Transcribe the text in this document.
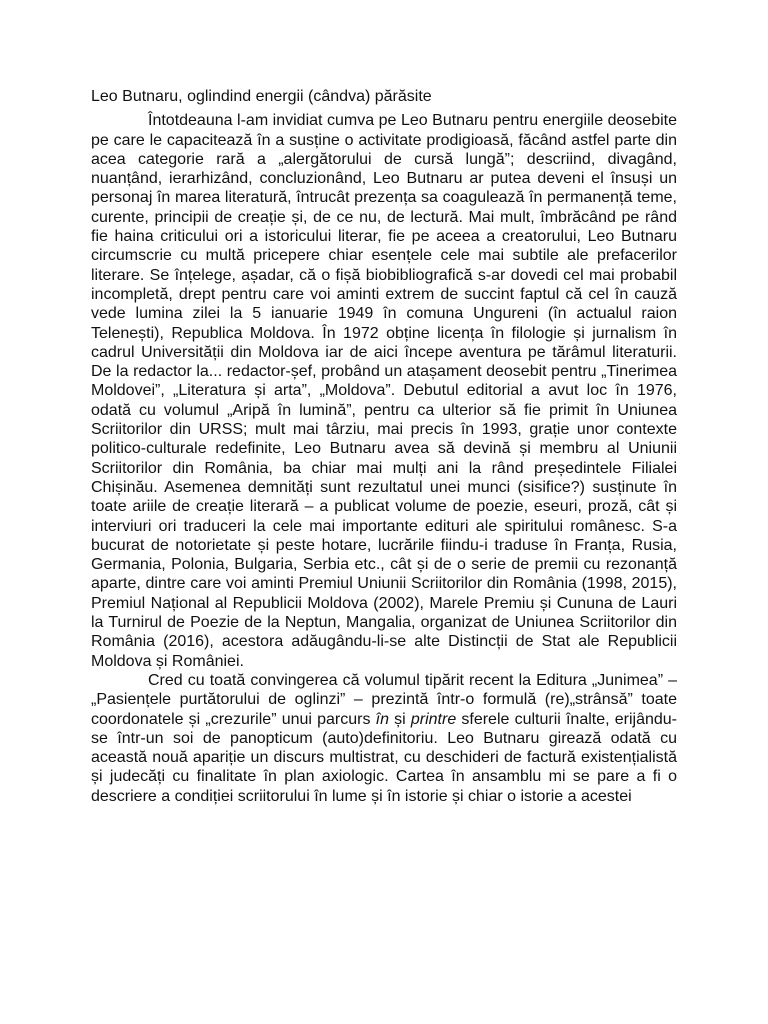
Leo Butnaru, oglindind energii (cândva) părăsite

Întotdeauna l-am invidiat cumva pe Leo Butnaru pentru energiile deosebite pe care le capacitează în a susține o activitate prodigioasă, făcând astfel parte din acea categorie rară a „alergătorului de cursă lungă”; descriind, divagând, nuanțând, ierarhizând, concluzionând, Leo Butnaru ar putea deveni el însuși un personaj în marea literatură, întrucât prezența sa coagulează în permanență teme, curente, principii de creație și, de ce nu, de lectură. Mai mult, îmbrăcând pe rând fie haina criticului ori a istoricului literar, fie pe aceea a creatorului, Leo Butnaru circumscrie cu multă pricepere chiar esențele cele mai subtile ale prefacerilor literare. Se înțelege, așadar, că o fișă biobibliografică s-ar dovedi cel mai probabil incompletă, drept pentru care voi aminti extrem de succint faptul că cel în cauză vede lumina zilei la 5 ianuarie 1949 în comuna Ungureni (în actualul raion Telenești), Republica Moldova. În 1972 obține licența în filologie și jurnalism în cadrul Universității din Moldova iar de aici începe aventura pe tărâmul literaturii. De la redactor la... redactor-șef, probând un atașament deosebit pentru „Tinerimea Moldovei”, „Literatura și arta”, „Moldova”. Debutul editorial a avut loc în 1976, odată cu volumul „Aripă în lumină”, pentru ca ulterior să fie primit în Uniunea Scriitorilor din URSS; mult mai târziu, mai precis în 1993, grație unor contexte politico-culturale redefinite, Leo Butnaru avea să devină și membru al Uniunii Scriitorilor din România, ba chiar mai mulți ani la rând președintele Filialei Chișinău. Asemenea demnități sunt rezultatul unei munci (sisifice?) susținute în toate ariile de creație literară – a publicat volume de poezie, eseuri, proză, cât și interviuri ori traduceri la cele mai importante edituri ale spiritului românesc. S-a bucurat de notorietate și peste hotare, lucrările fiindu-i traduse în Franța, Rusia, Germania, Polonia, Bulgaria, Serbia etc., cât și de o serie de premii cu rezonanță aparte, dintre care voi aminti Premiul Uniunii Scriitorilor din România (1998, 2015), Premiul Național al Republicii Moldova (2002), Marele Premiu și Cununa de Lauri la Turnirul de Poezie de la Neptun, Mangalia, organizat de Uniunea Scriitorilor din România (2016), acestora adăugându-li-se alte Distincții de Stat ale Republicii Moldova și României.

Cred cu toată convingerea că volumul tipărit recent la Editura „Junimea” – „Pasiențele purtătorului de oglinzi” – prezintă într-o formulă (re)„strânsă” toate coordonatele și „crezurile” unui parcurs în și printre sferele culturii înalte, erijându-se într-un soi de panopticum (auto)definitoriu. Leo Butnaru girează odată cu această nouă apariție un discurs multistrat, cu deschideri de factură existențialistă și judecăți cu finalitate în plan axiologic. Cartea în ansamblu mi se pare a fi o descriere a condiției scriitorului în lume și în istorie și chiar o istorie a acestei
